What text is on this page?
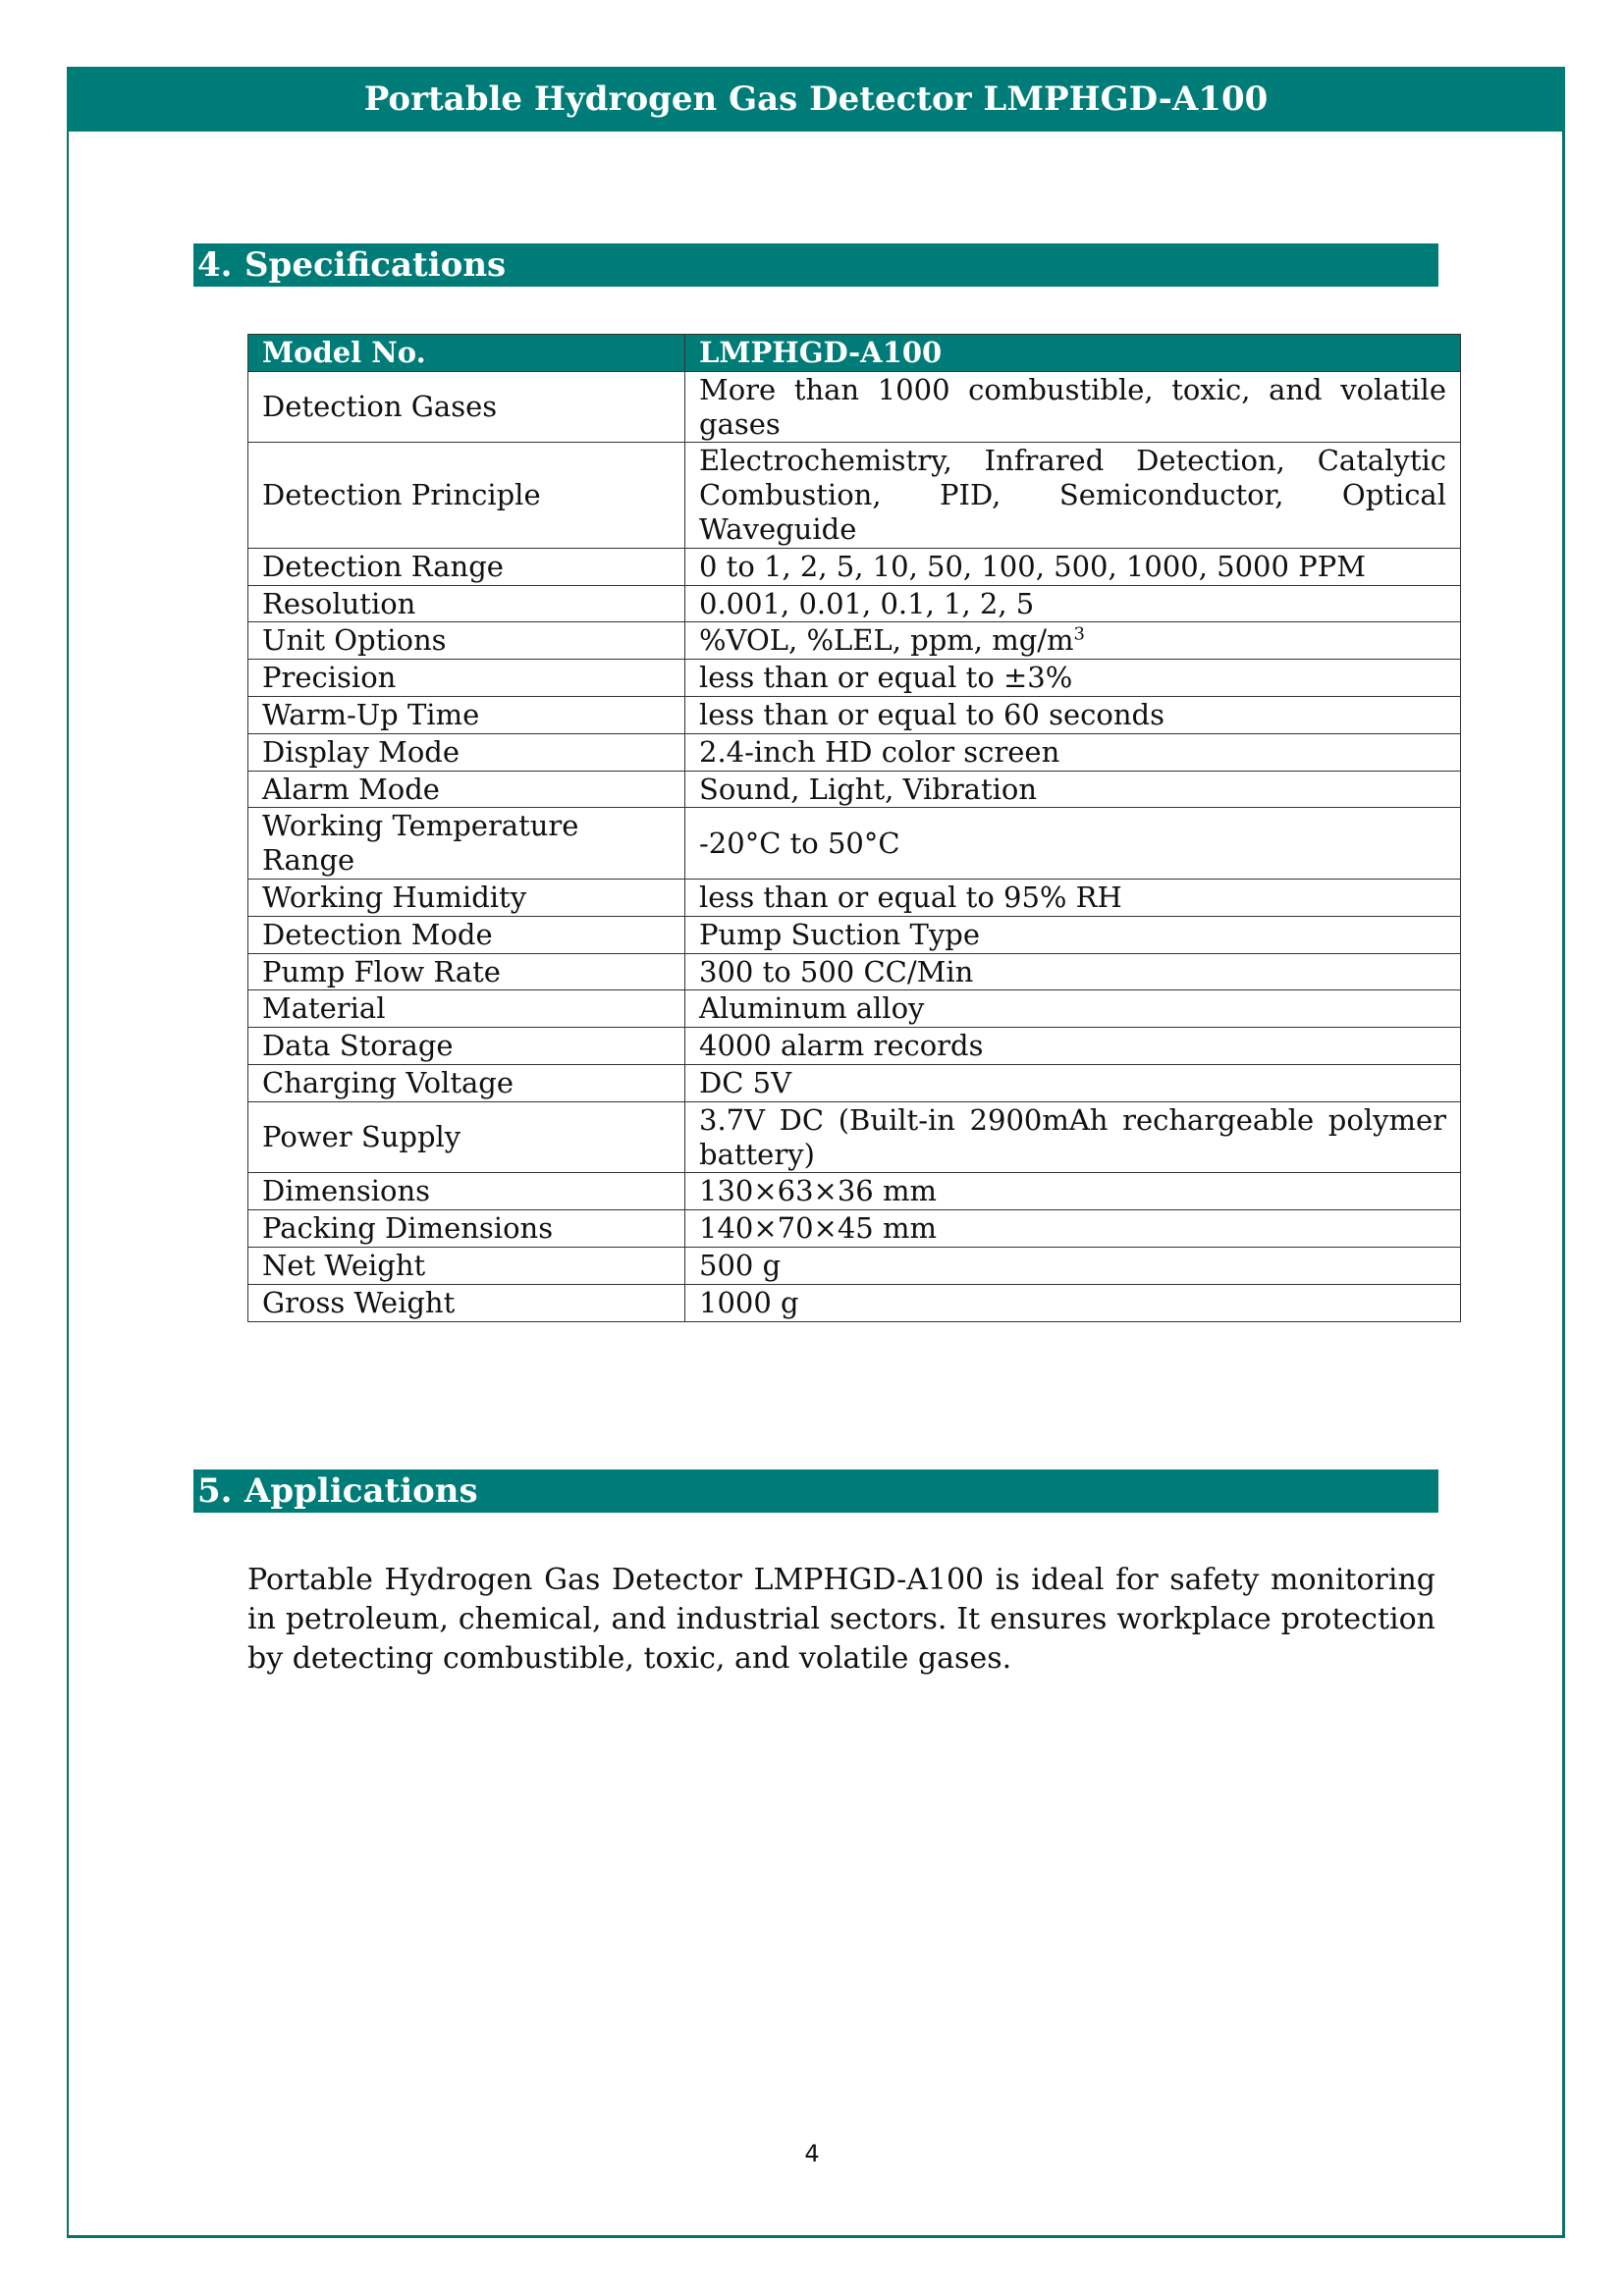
Portable Hydrogen Gas Detector LMPHGD-A100
4. Specifications
Model No.	LMPHGD-A100
Detection Gases	More than 1000 combustible, toxic, and volatile gases
Detection Principle	Electrochemistry, Infrared Detection, Catalytic Combustion, PID, Semiconductor, Optical Waveguide
Detection Range	0 to 1, 2, 5, 10, 50, 100, 500, 1000, 5000 PPM
Resolution	0.001, 0.01, 0.1, 1, 2, 5
Unit Options	%VOL, %LEL, ppm, $mg/m^3$
Precision	less than or equal to ±3%
Warm-Up Time	less than or equal to 60 seconds
Display Mode	2.4-inch HD color screen
Alarm Mode	Sound, Light, Vibration
Working Temperature Range	-20°C to 50°C
Working Humidity	less than or equal to 95% RH
Detection Mode	Pump Suction Type
Pump Flow Rate	300 to 500 CC/Min
Material	Aluminum alloy
Data Storage	4000 alarm records
Charging Voltage	DC 5V
Power Supply	3.7V DC (Built-in 2900mAh rechargeable polymer battery)
Dimensions	130×63×36 mm
Packing Dimensions	140×70×45 mm
Net Weight	500 g
Gross Weight	1000 g
5. Applications
Portable Hydrogen Gas Detector LMPHGD-A100 is ideal for safety monitoring in petroleum, chemical, and industrial sectors. It ensures workplace protection by detecting combustible, toxic, and volatile gases.
4
